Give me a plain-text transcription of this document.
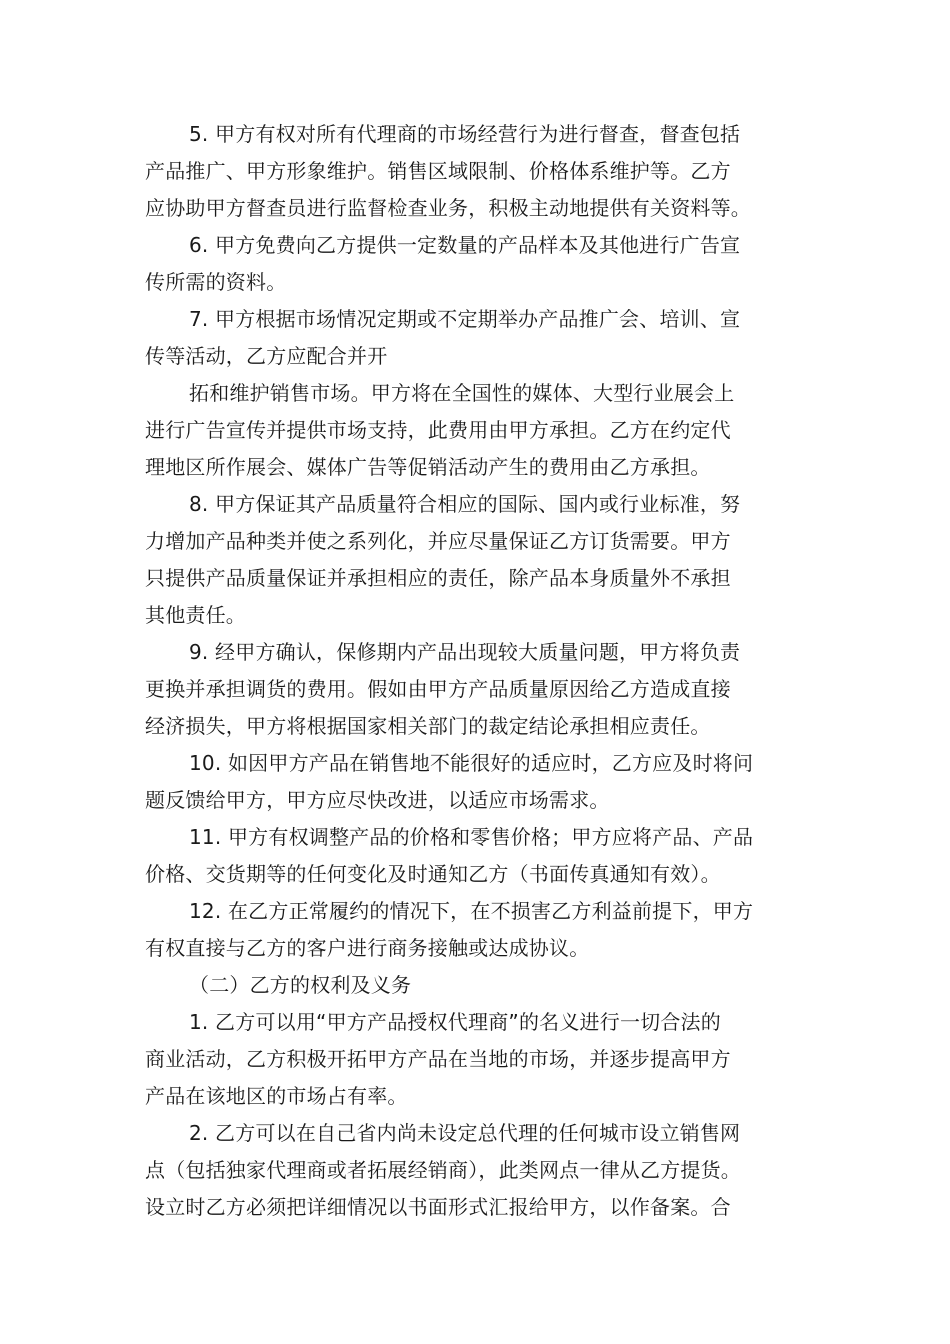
5. 甲方有权对所有代理商的市场经营行为进行督查，督查包括
产品推广、甲方形象维护。销售区域限制、价格体系维护等。乙方
应协助甲方督查员进行监督检查业务，积极主动地提供有关资料等。
6. 甲方免费向乙方提供一定数量的产品样本及其他进行广告宣
传所需的资料。
7. 甲方根据市场情况定期或不定期举办产品推广会、培训、宣
传等活动，乙方应配合并开
拓和维护销售市场。甲方将在全国性的媒体、大型行业展会上
进行广告宣传并提供市场支持，此费用由甲方承担。乙方在约定代
理地区所作展会、媒体广告等促销活动产生的费用由乙方承担。
8. 甲方保证其产品质量符合相应的国际、国内或行业标准，努
力增加产品种类并使之系列化，并应尽量保证乙方订货需要。甲方
只提供产品质量保证并承担相应的责任，除产品本身质量外不承担
其他责任。
9. 经甲方确认，保修期内产品出现较大质量问题，甲方将负责
更换并承担调货的费用。假如由甲方产品质量原因给乙方造成直接
经济损失，甲方将根据国家相关部门的裁定结论承担相应责任。
10. 如因甲方产品在销售地不能很好的适应时，乙方应及时将问
题反馈给甲方，甲方应尽快改进，以适应市场需求。
11. 甲方有权调整产品的价格和零售价格；甲方应将产品、产品
价格、交货期等的任何变化及时通知乙方（书面传真通知有效）。
12. 在乙方正常履约的情况下，在不损害乙方利益前提下，甲方
有权直接与乙方的客户进行商务接触或达成协议。
（二）乙方的权利及义务
1. 乙方可以用“甲方产品授权代理商”的名义进行一切合法的
商业活动，乙方积极开拓甲方产品在当地的市场，并逐步提高甲方
产品在该地区的市场占有率。
2. 乙方可以在自己省内尚未设定总代理的任何城市设立销售网
点（包括独家代理商或者拓展经销商），此类网点一律从乙方提货。
设立时乙方必须把详细情况以书面形式汇报给甲方，以作备案。合
